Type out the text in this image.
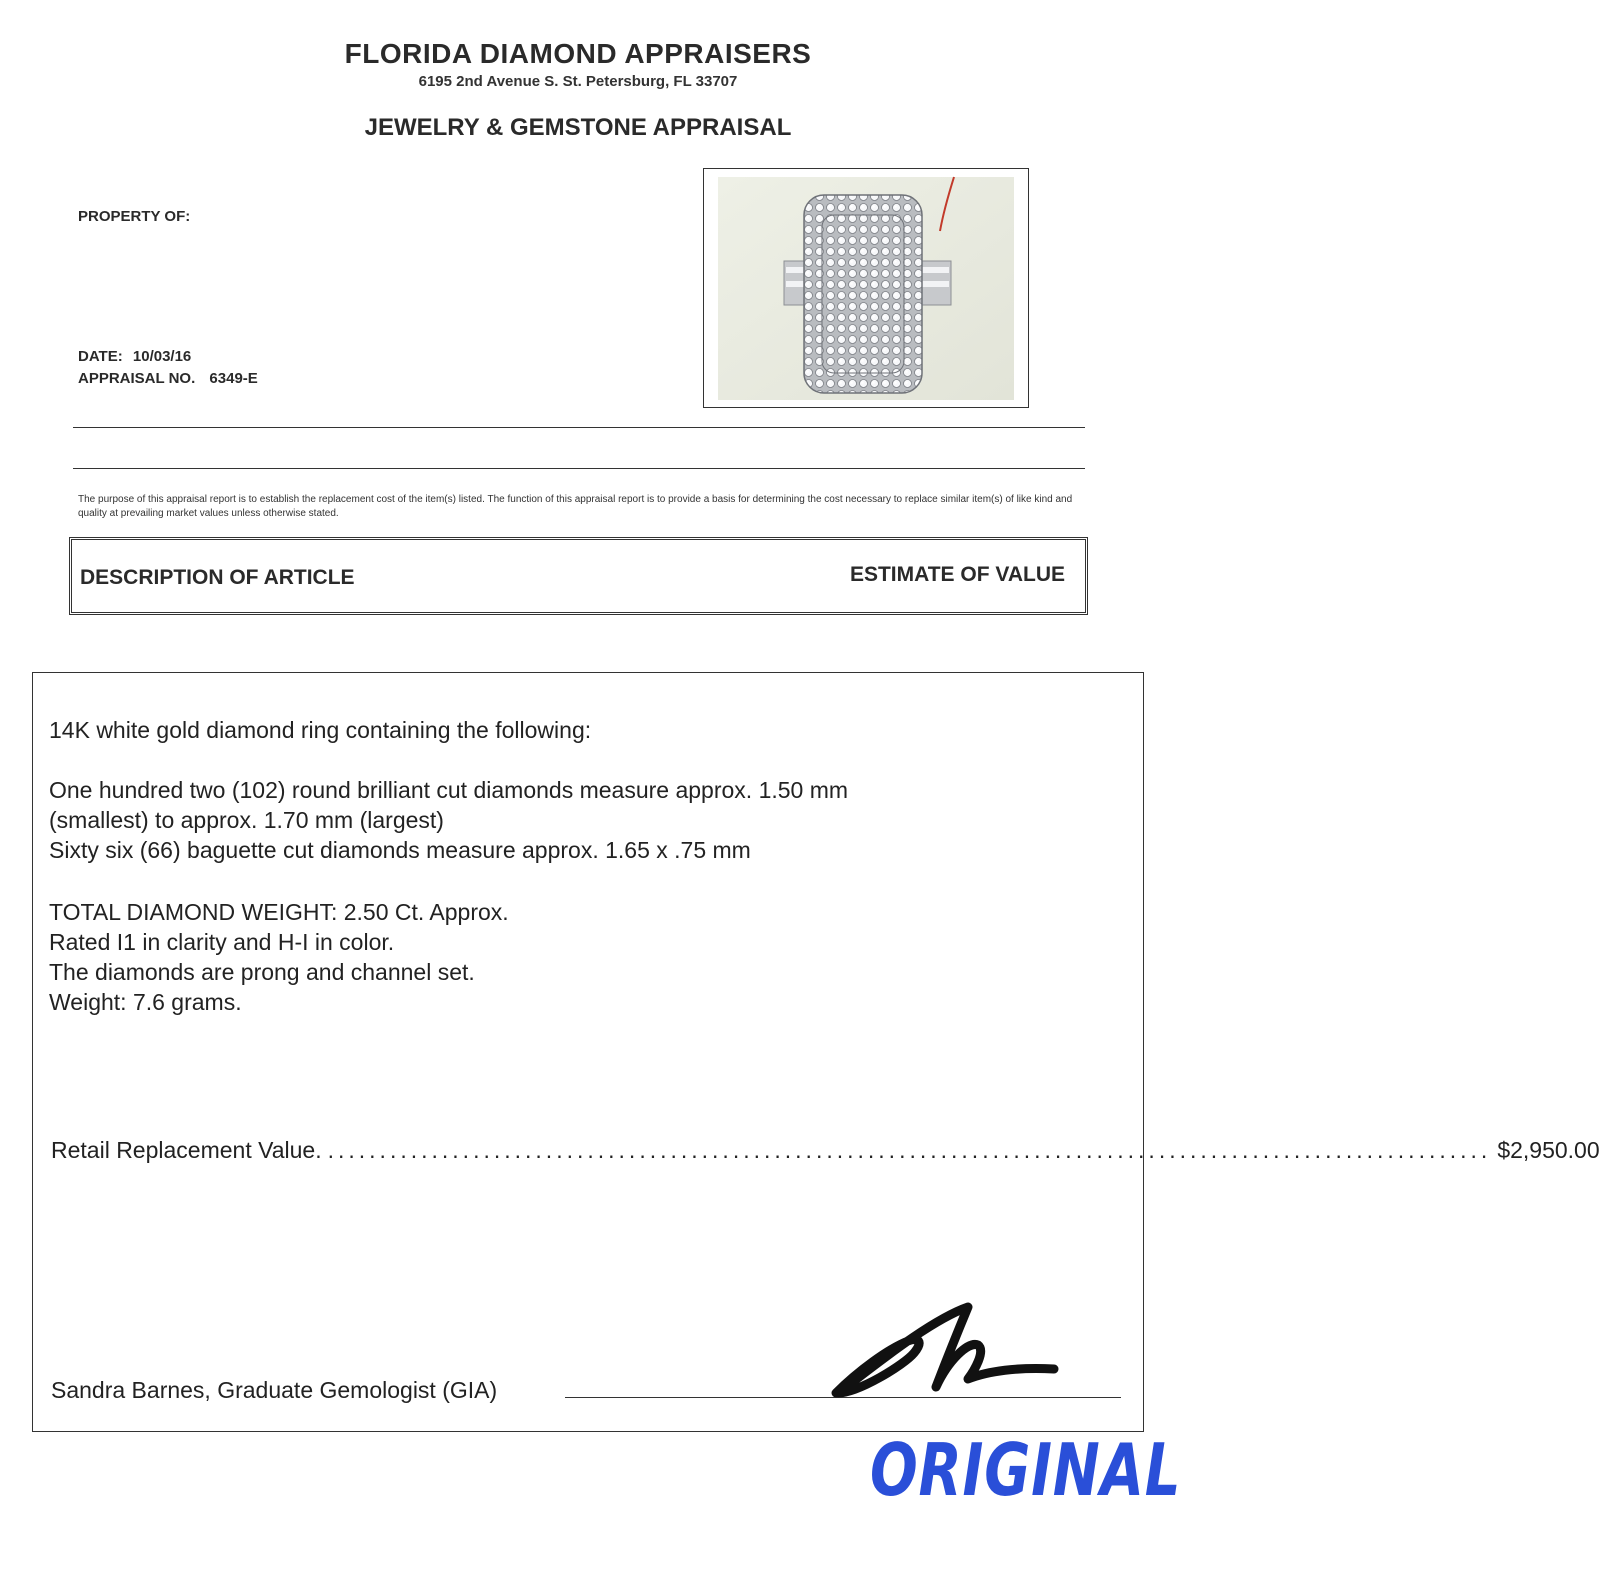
FLORIDA DIAMOND APPRAISERS
6195 2nd Avenue S. St. Petersburg, FL 33707
JEWELRY & GEMSTONE APPRAISAL
PROPERTY OF:
DATE: 10/03/16
APPRAISAL NO. 6349-E
The purpose of this appraisal report is to establish the replacement cost of the item(s) listed. The function of this appraisal report is to provide a basis for determining the cost necessary to replace similar item(s) of like kind and quality at prevailing market values unless otherwise stated.
DESCRIPTION OF ARTICLE	ESTIMATE OF VALUE
14K white gold diamond ring containing the following:
One hundred two (102) round brilliant cut diamonds measure approx. 1.50 mm
(smallest) to approx. 1.70 mm (largest)
Sixty six (66) baguette cut diamonds measure approx. 1.65 x .75 mm
TOTAL DIAMOND WEIGHT: 2.50 Ct. Approx.
Rated I1 in clarity and H-I in color.
The diamonds are prong and channel set.
Weight: 7.6 grams.
Retail Replacement Value. ................................................................................................................ $2,950.00
Sandra Barnes, Graduate Gemologist (GIA)
ORIGINAL
